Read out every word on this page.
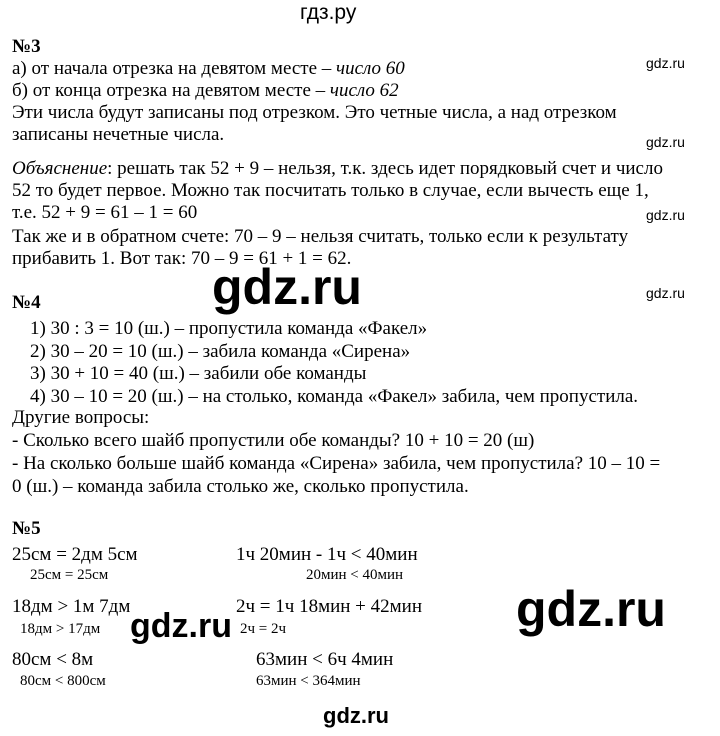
гдз.ру
№3
а) от начала отрезка на девятом месте – число 60
б) от конца отрезка на девятом месте – число 62
Эти числа будут записаны под отрезком. Это четные числа, а над отрезком
записаны нечетные числа.
Объяснение: решать так 52 + 9 – нельзя, т.к. здесь идет порядковый счет и число
52 то будет первое. Можно так посчитать только в случае, если вычесть еще 1,
т.е. 52 + 9 = 61 – 1 = 60
Так же и в обратном счете: 70 – 9 – нельзя считать, только если к результату
прибавить 1. Вот так: 70 – 9 = 61 + 1 = 62.
№4
1) 30 : 3 = 10 (ш.) – пропустила команда «Факел»
2) 30 – 20 = 10 (ш.) – забила команда «Сирена»
3) 30 + 10 = 40 (ш.) – забили обе команды
4) 30 – 10 = 20 (ш.) – на столько, команда «Факел» забила, чем пропустила.
Другие вопросы:
- Сколько всего шайб пропустили обе команды? 10 + 10 = 20 (ш)
- На сколько больше шайб команда «Сирена» забила, чем пропустила? 10 – 10 =
0 (ш.) – команда забила столько же, сколько пропустила.
№5
25см = 2дм 5см
25см = 25см
18дм > 1м 7дм
18дм > 17дм
80см < 8м
80см < 800см
1ч 20мин - 1ч < 40мин
20мин < 40мин
2ч = 1ч 18мин + 42мин
2ч = 2ч
63мин < 6ч 4мин
63мин < 364мин
gdz.ru
gdz.ru
gdz.ru
gdz.ru
gdz.ru
gdz.ru
gdz.ru
gdz.ru
